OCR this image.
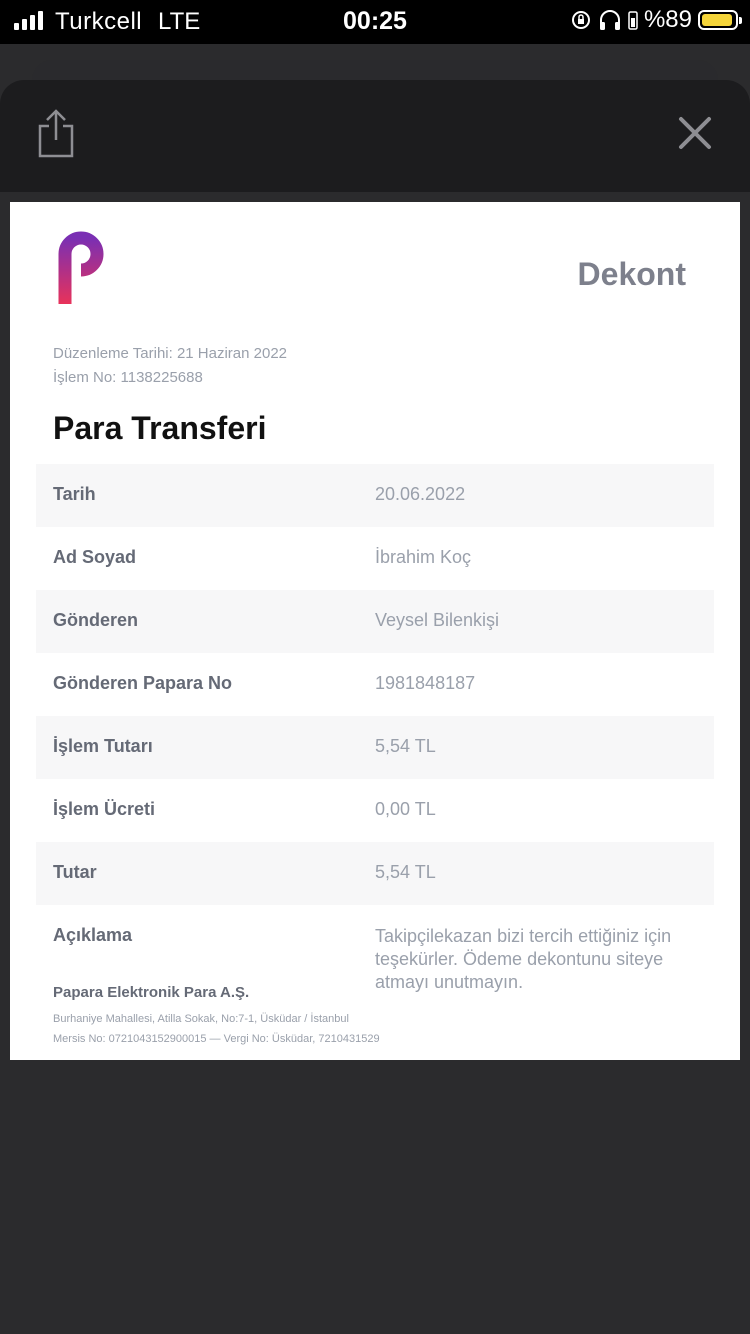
Turkcell LTE	00:25	%89
Dekont
Düzenleme Tarihi: 21 Haziran 2022
İşlem No: 1138225688
Para Transferi
Tarih	20.06.2022
Ad Soyad	İbrahim Koç
Gönderen	Veysel Bilenkişi
Gönderen Papara No	1981848187
İşlem Tutarı	5,54 TL
İşlem Ücreti	0,00 TL
Tutar	5,54 TL
Açıklama	Takipçilekazan bizi tercih ettiğiniz için teşekürler. Ödeme dekontunu siteye atmayı unutmayın.
Papara Elektronik Para A.Ş.
Burhaniye Mahallesi, Atilla Sokak, No:7-1, Üsküdar / İstanbul
Mersis No: 0721043152900015 — Vergi No: Üsküdar, 7210431529
